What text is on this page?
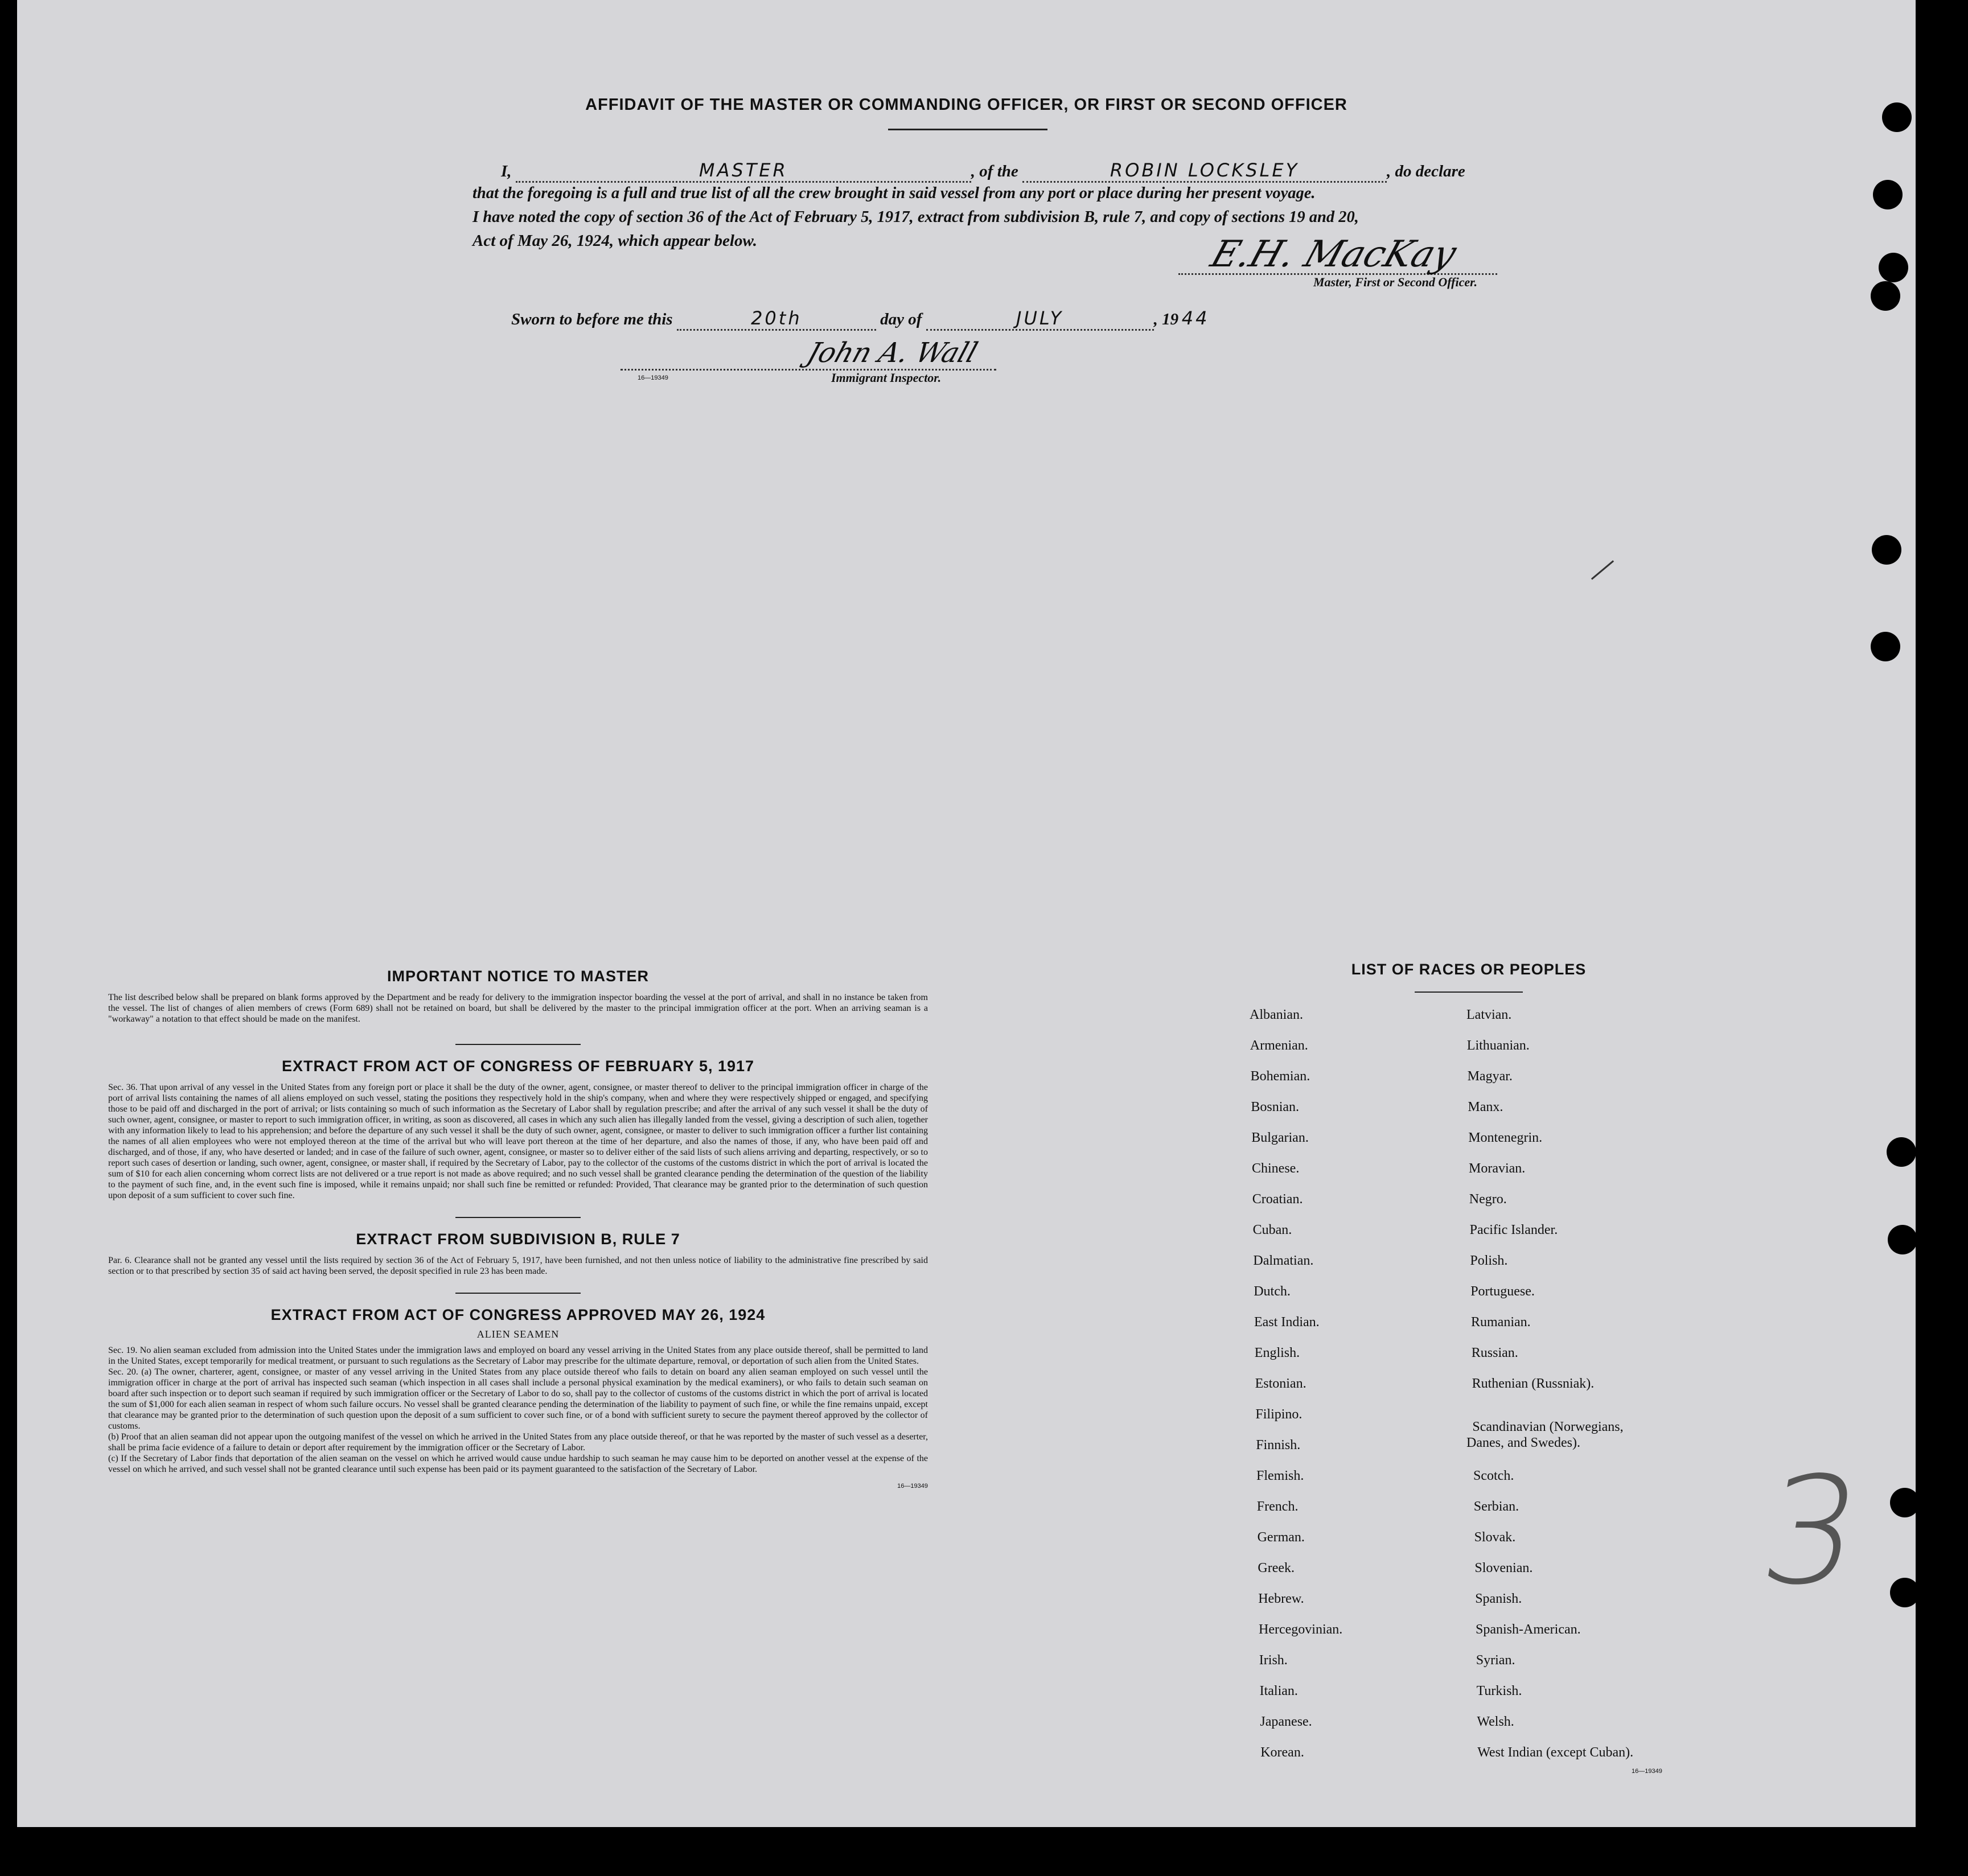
AFFIDAVIT OF THE MASTER OR COMMANDING OFFICER, OR FIRST OR SECOND OFFICER
I,	MASTER	, of the	ROBIN LOCKSLEY	, do declare
that the foregoing is a full and true list of all the crew brought in said vessel from any port or place during her present voyage.
I have noted the copy of section 36 of the Act of February 5, 1917, extract from subdivision B, rule 7, and copy of sections 19 and 20,
Act of May 26, 1924, which appear below.	E.H. MacKay
Master, First or Second Officer.
Sworn to before me this	20th	day of	JULY	, 19 44
16—19349
John A. Wall
Immigrant Inspector.
IMPORTANT NOTICE TO MASTER
The list described below shall be prepared on blank forms approved by the Department and be ready for delivery to the immigration inspector boarding the vessel at the port of arrival, and shall in no instance be taken from the vessel. The list of changes of alien members of crews (Form 689) shall not be retained on board, but shall be delivered by the master to the principal immigration officer at the port. When an arriving seaman is a "workaway" a notation to that effect should be made on the manifest.
EXTRACT FROM ACT OF CONGRESS OF FEBRUARY 5, 1917
Sec. 36. That upon arrival of any vessel in the United States from any foreign port or place it shall be the duty of the owner, agent, consignee, or master thereof to deliver to the principal immigration officer in charge of the port of arrival lists containing the names of all aliens employed on such vessel, stating the positions they respectively hold in the ship's company, when and where they were respectively shipped or engaged, and specifying those to be paid off and discharged in the port of arrival; or lists containing so much of such information as the Secretary of Labor shall by regulation prescribe; and after the arrival of any such vessel it shall be the duty of such owner, agent, consignee, or master to report to such immigration officer, in writing, as soon as discovered, all cases in which any such alien has illegally landed from the vessel, giving a description of such alien, together with any information likely to lead to his apprehension; and before the departure of any such vessel it shall be the duty of such owner, agent, consignee, or master to deliver to such immigration officer a further list containing the names of all alien employees who were not employed thereon at the time of the arrival but who will leave port thereon at the time of her departure, and also the names of those, if any, who have been paid off and discharged, and of those, if any, who have deserted or landed; and in case of the failure of such owner, agent, consignee, or master so to deliver either of the said lists of such aliens arriving and departing, respectively, or so to report such cases of desertion or landing, such owner, agent, consignee, or master shall, if required by the Secretary of Labor, pay to the collector of the customs of the customs district in which the port of arrival is located the sum of $10 for each alien concerning whom correct lists are not delivered or a true report is not made as above required; and no such vessel shall be granted clearance pending the determination of the question of the liability to the payment of such fine, and, in the event such fine is imposed, while it remains unpaid; nor shall such fine be remitted or refunded: Provided, That clearance may be granted prior to the determination of such question upon deposit of a sum sufficient to cover such fine.
EXTRACT FROM SUBDIVISION B, RULE 7
Par. 6. Clearance shall not be granted any vessel until the lists required by section 36 of the Act of February 5, 1917, have been furnished, and not then unless notice of liability to the administrative fine prescribed by said section or to that prescribed by section 35 of said act having been served, the deposit specified in rule 23 has been made.
EXTRACT FROM ACT OF CONGRESS APPROVED MAY 26, 1924
ALIEN SEAMEN
Sec. 19. No alien seaman excluded from admission into the United States under the immigration laws and employed on board any vessel arriving in the United States from any place outside thereof, shall be permitted to land in the United States, except temporarily for medical treatment, or pursuant to such regulations as the Secretary of Labor may prescribe for the ultimate departure, removal, or deportation of such alien from the United States.
Sec. 20. (a) The owner, charterer, agent, consignee, or master of any vessel arriving in the United States from any place outside thereof who fails to detain on board any alien seaman employed on such vessel until the immigration officer in charge at the port of arrival has inspected such seaman (which inspection in all cases shall include a personal physical examination by the medical examiners), or who fails to detain such seaman on board after such inspection or to deport such seaman if required by such immigration officer or the Secretary of Labor to do so, shall pay to the collector of customs of the customs district in which the port of arrival is located the sum of $1,000 for each alien seaman in respect of whom such failure occurs. No vessel shall be granted clearance pending the determination of the liability to payment of such fine, or while the fine remains unpaid, except that clearance may be granted prior to the determination of such question upon the deposit of a sum sufficient to cover such fine, or of a bond with sufficient surety to secure the payment thereof approved by the collector of customs.
(b) Proof that an alien seaman did not appear upon the outgoing manifest of the vessel on which he arrived in the United States from any place outside thereof, or that he was reported by the master of such vessel as a deserter, shall be prima facie evidence of a failure to detain or deport after requirement by the immigration officer or the Secretary of Labor.
(c) If the Secretary of Labor finds that deportation of the alien seaman on the vessel on which he arrived would cause undue hardship to such seaman he may cause him to be deported on another vessel at the expense of the vessel on which he arrived, and such vessel shall not be granted clearance until such expense has been paid or its payment guaranteed to the satisfaction of the Secretary of Labor.
16—19349
LIST OF RACES OR PEOPLES
16—19349
3
Albanian.
Armenian.
Bohemian.
Bosnian.
Bulgarian.
Chinese.
Croatian.
Cuban.
Dalmatian.
Dutch.
East Indian.
English.
Estonian.
Filipino.
Finnish.
Flemish.
French.
German.
Greek.
Hebrew.
Hercegovinian.
Irish.
Italian.
Japanese.
Korean.
Latvian.
Lithuanian.
Magyar.
Manx.
Montenegrin.
Moravian.
Negro.
Pacific Islander.
Polish.
Portuguese.
Rumanian.
Russian.
Ruthenian (Russniak).
Scandinavian (Norwegians,
Danes, and Swedes).
Scotch.
Serbian.
Slovak.
Slovenian.
Spanish.
Spanish-American.
Syrian.
Turkish.
Welsh.
West Indian (except Cuban).
